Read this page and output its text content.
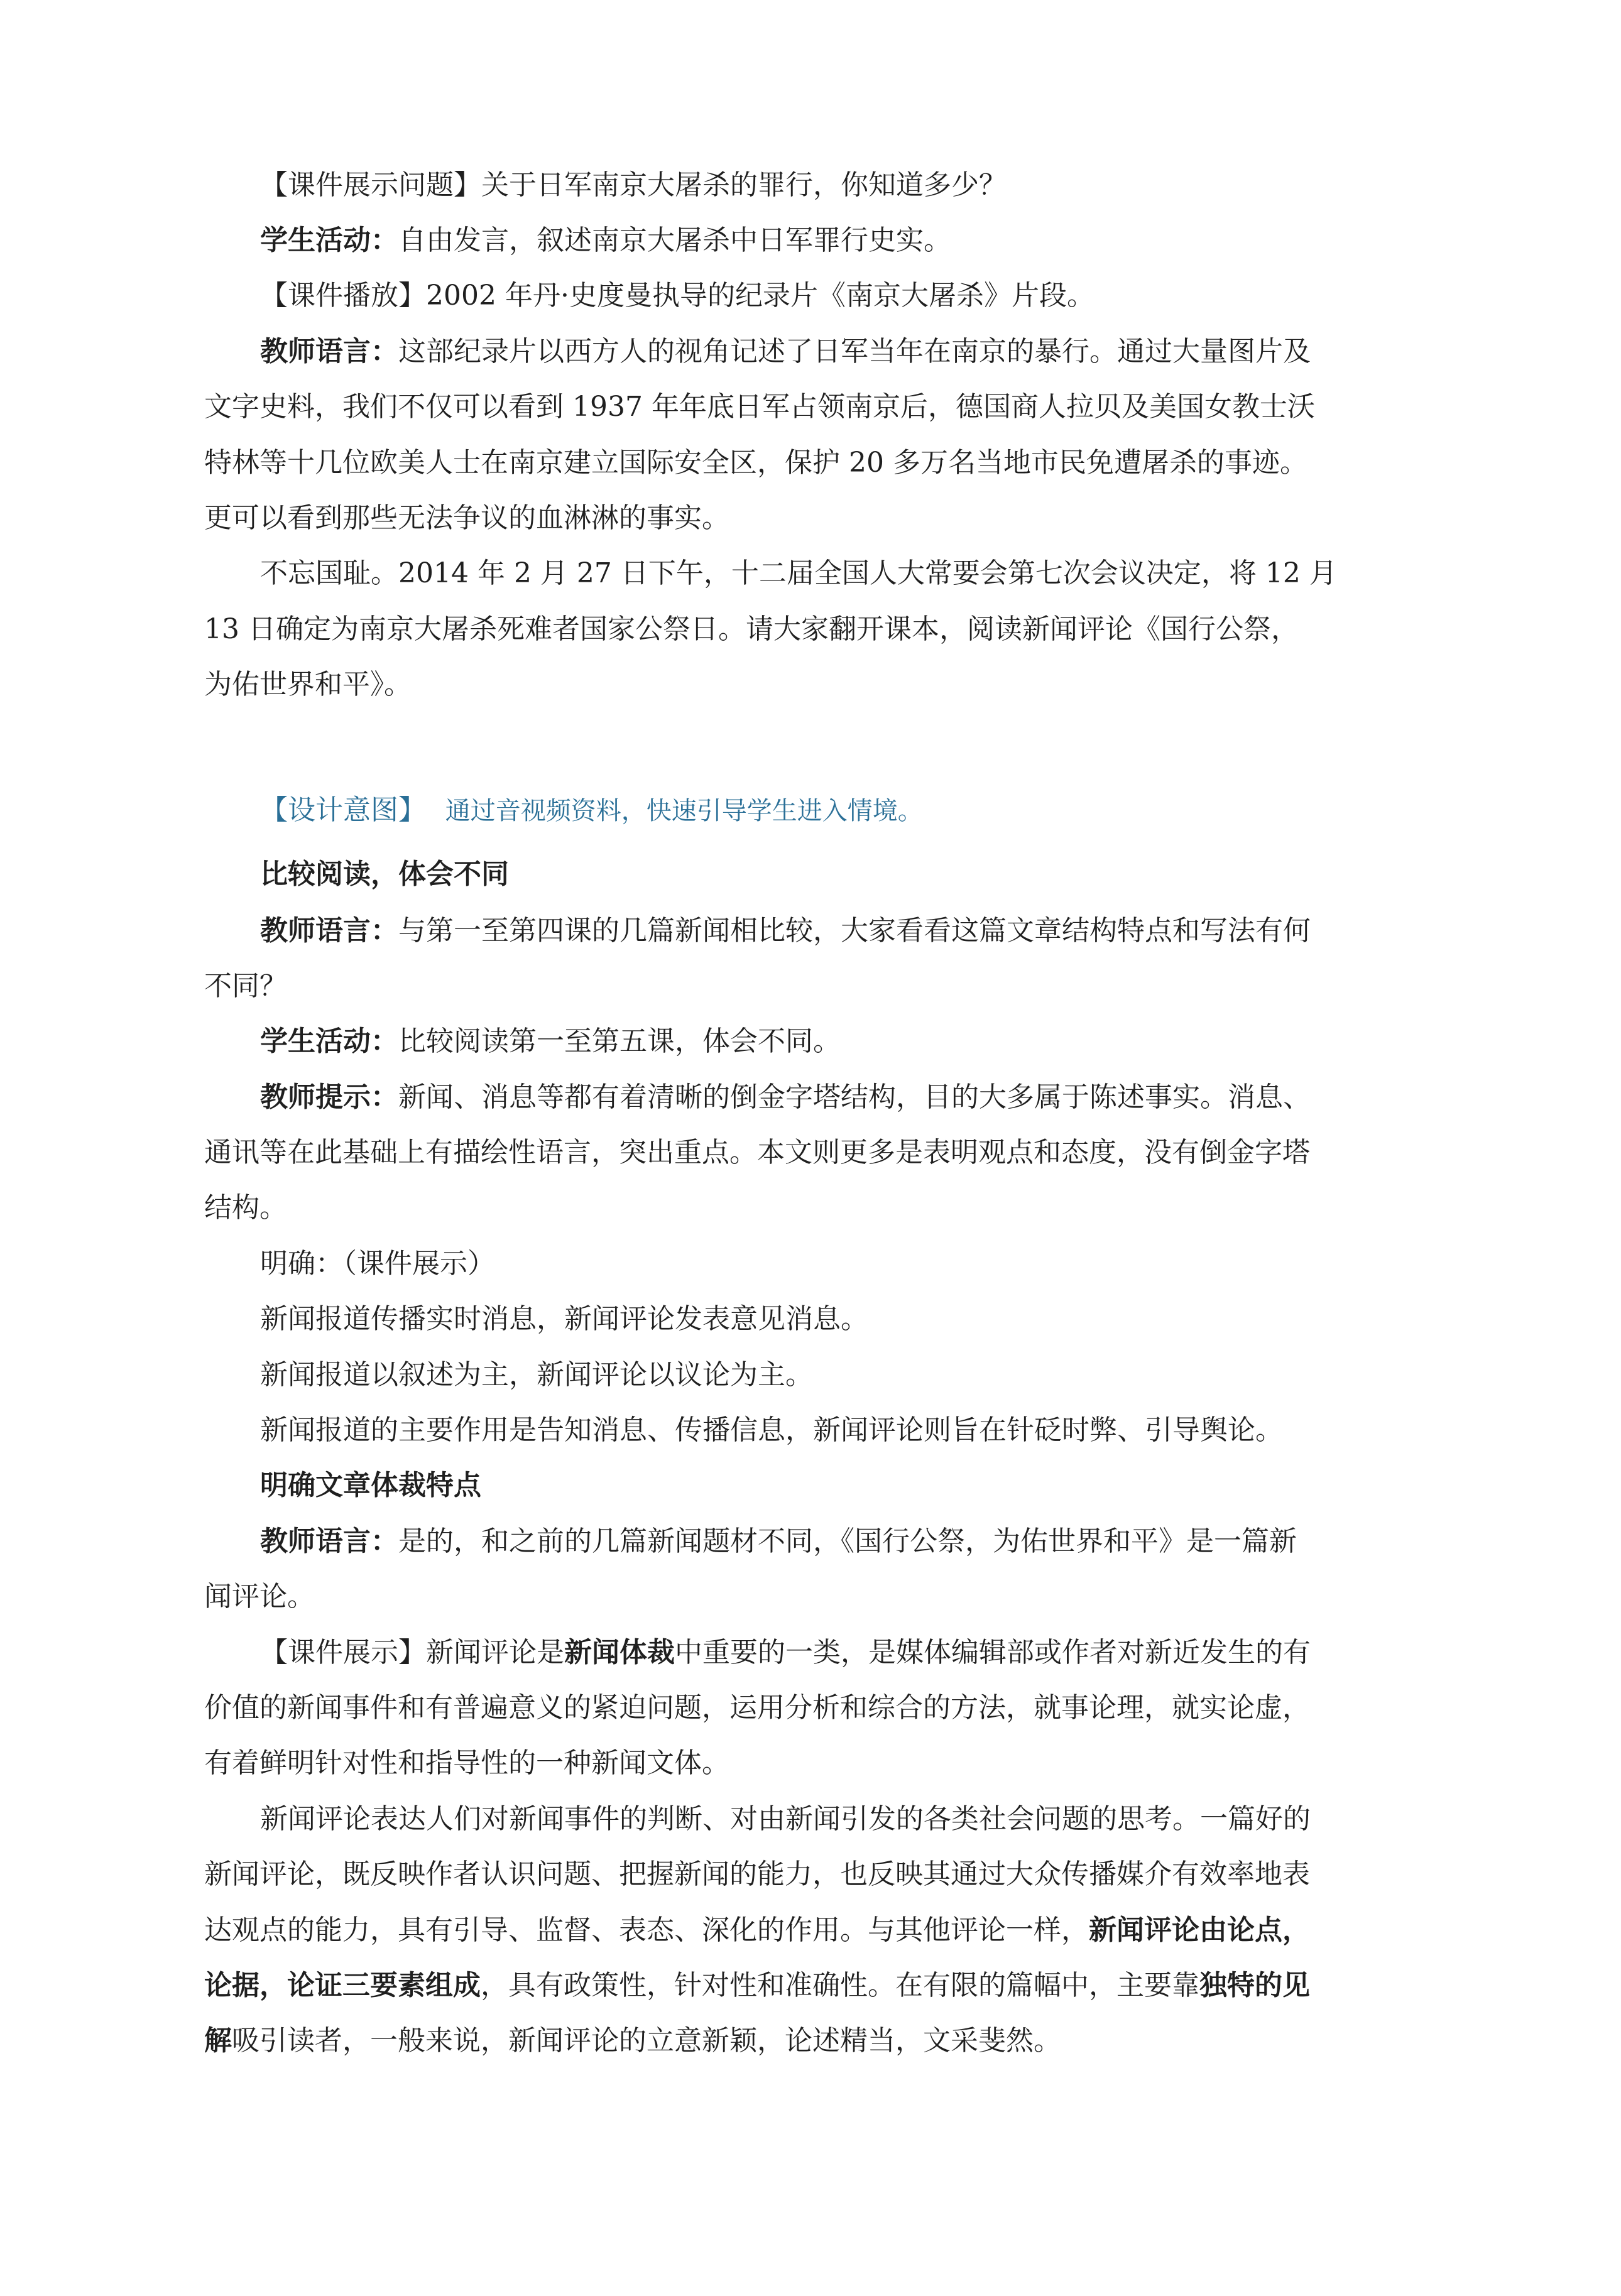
【课件展示问题】关于日军南京大屠杀的罪行，你知道多少？
学生活动：自由发言，叙述南京大屠杀中日军罪行史实。
【课件播放】2002 年丹·史度曼执导的纪录片《南京大屠杀》片段。
教师语言：这部纪录片以西方人的视角记述了日军当年在南京的暴行。通过大量图片及
文字史料，我们不仅可以看到 1937 年年底日军占领南京后，德国商人拉贝及美国女教士沃
特林等十几位欧美人士在南京建立国际安全区，保护 20 多万名当地市民免遭屠杀的事迹。
更可以看到那些无法争议的血淋淋的事实。
不忘国耻。2014 年 2 月 27 日下午，十二届全国人大常要会第七次会议决定，将 12 月
13 日确定为南京大屠杀死难者国家公祭日。请大家翻开课本，阅读新闻评论《国行公祭，
为佑世界和平》。
【设计意图】　 通过音视频资料，快速引导学生进入情境。
比较阅读，体会不同
教师语言：与第一至第四课的几篇新闻相比较，大家看看这篇文章结构特点和写法有何
不同？
学生活动：比较阅读第一至第五课，体会不同。
教师提示：新闻、消息等都有着清晰的倒金字塔结构，目的大多属于陈述事实。消息、
通讯等在此基础上有描绘性语言，突出重点。本文则更多是表明观点和态度，没有倒金字塔
结构。
明确：（课件展示）
新闻报道传播实时消息，新闻评论发表意见消息。
新闻报道以叙述为主，新闻评论以议论为主。
新闻报道的主要作用是告知消息、传播信息，新闻评论则旨在针砭时弊、引导舆论。
明确文章体裁特点
教师语言：是的，和之前的几篇新闻题材不同，《国行公祭，为佑世界和平》是一篇新
闻评论。
【课件展示】新闻评论是新闻体裁中重要的一类，是媒体编辑部或作者对新近发生的有
价值的新闻事件和有普遍意义的紧迫问题，运用分析和综合的方法，就事论理，就实论虚，
有着鲜明针对性和指导性的一种新闻文体。
新闻评论表达人们对新闻事件的判断、对由新闻引发的各类社会问题的思考。一篇好的
新闻评论，既反映作者认识问题、把握新闻的能力，也反映其通过大众传播媒介有效率地表
达观点的能力，具有引导、监督、表态、深化的作用。与其他评论一样，新闻评论由论点，
论据，论证三要素组成，具有政策性，针对性和准确性。在有限的篇幅中，主要靠独特的见
解吸引读者，一般来说，新闻评论的立意新颖，论述精当，文采斐然。
